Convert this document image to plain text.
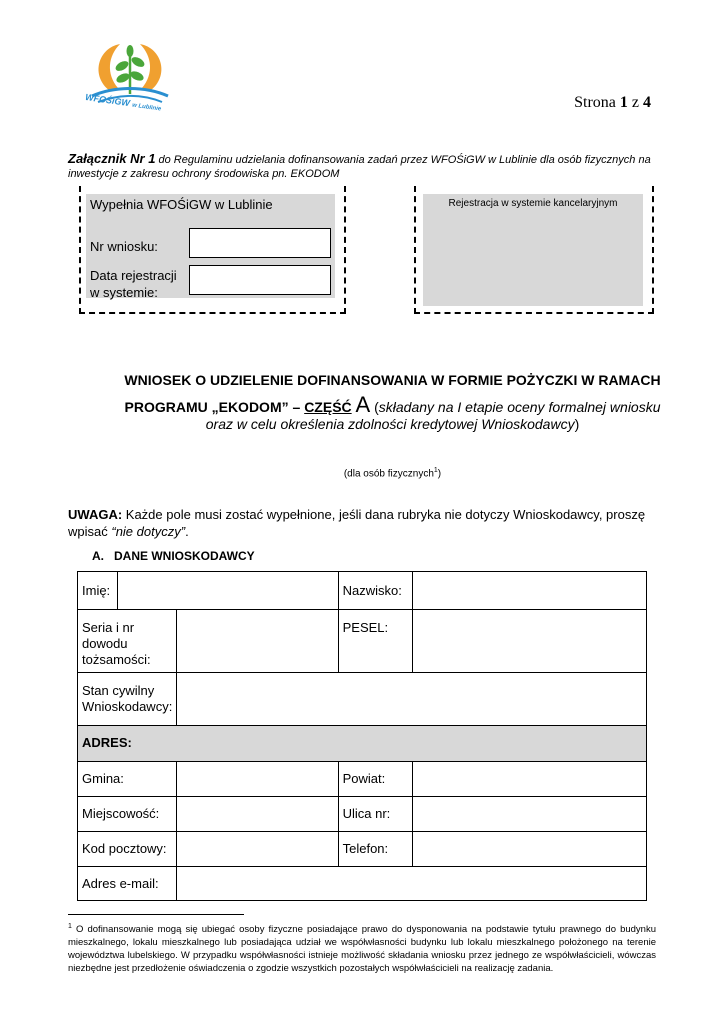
WFOŚiGW w Lublinie	Strona 1 z 4
Załącznik Nr 1 do Regulaminu udzielania dofinansowania zadań przez WFOŚiGW w Lublinie dla osób fizycznych na inwestycje z zakresu ochrony środowiska pn. EKODOM
Wypełnia WFOŚiGW w Lublinie
Nr wniosku:
Data rejestracji
w systemie:
Rejestracja w systemie kancelaryjnym
WNIOSEK O UDZIELENIE DOFINANSOWANIA W FORMIE POŻYCZKI W RAMACH
PROGRAMU „EKODOM” – CZĘŚĆ A (składany na I etapie oceny formalnej wniosku
oraz w celu określenia zdolności kredytowej Wnioskodawcy)
(dla osób fizycznych$^1$)
UWAGA: Każde pole musi zostać wypełnione, jeśli dana rubryka nie dotyczy Wnioskodawcy, proszę wpisać “nie dotyczy”.
A. DANE WNIOSKODAWCY
Imię:			Nazwisko:	
Seria i nr dowodu
tożsamości:			PESEL:	
Stan cywilny
Wnioskodawcy:				
ADRES:				
Gmina:			Powiat:	
Miejscowość:			Ulica nr:	
Kod pocztowy:			Telefon:	
Adres e-mail:				
$^1$ O dofinansowanie mogą się ubiegać osoby fizyczne posiadające prawo do dysponowania na podstawie tytułu prawnego do budynku mieszkalnego, lokalu mieszkalnego lub posiadająca udział we współwłasności budynku lub lokalu mieszkalnego położonego na terenie województwa lubelskiego. W przypadku współwłasności istnieje możliwość składania wniosku przez jednego ze współwłaścicieli, wówczas niezbędne jest przedłożenie oświadczenia o zgodzie wszystkich pozostałych współwłaścicieli na realizację zadania.
